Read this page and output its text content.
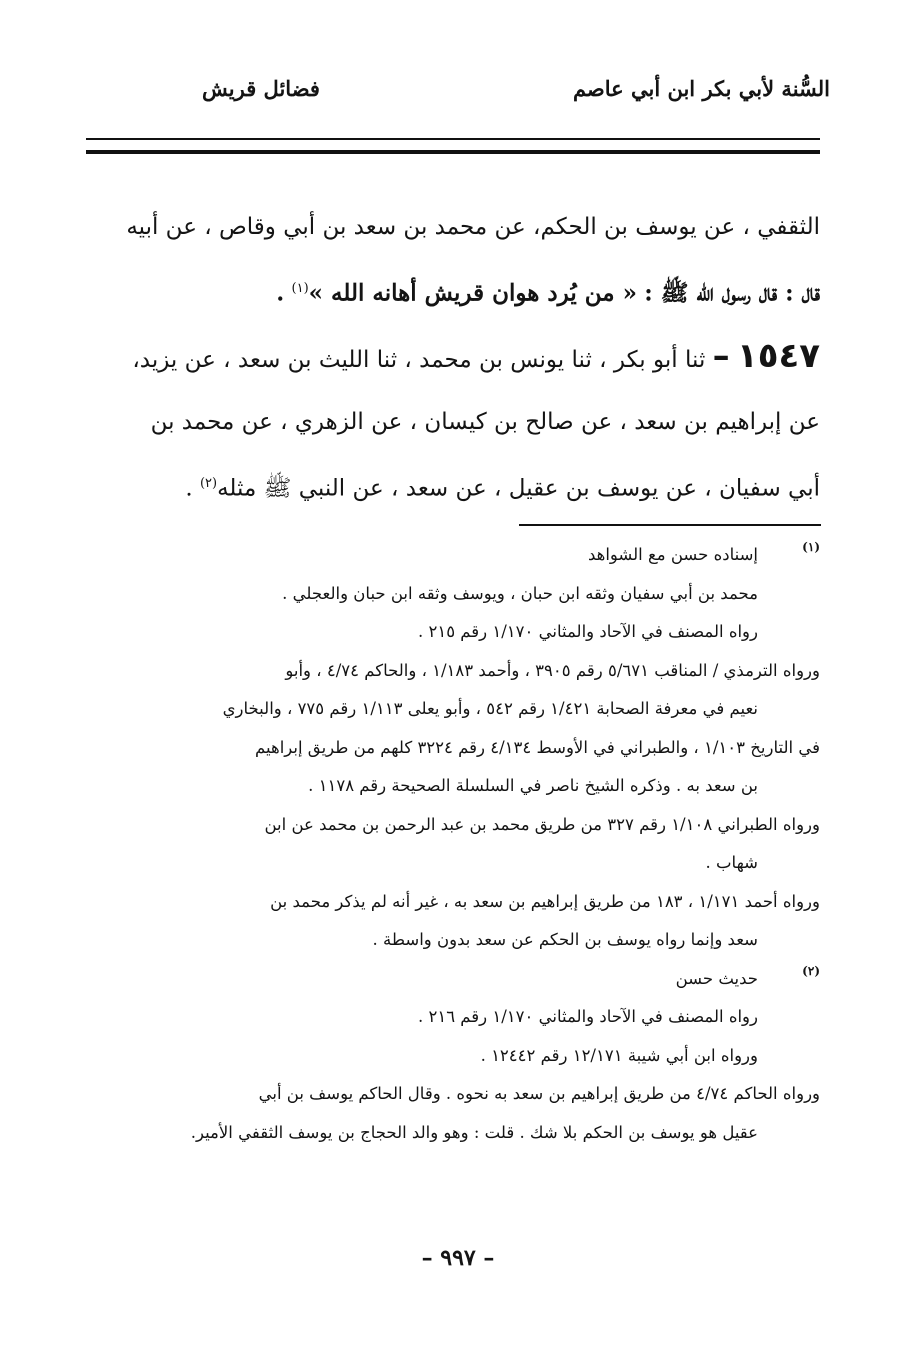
السُّنة لأبي بكر ابن أبي عاصم
فضائل قريش

الثقفي ، عن يوسف بن الحكم، عن محمد بن سعد بن أبي وقاص ، عن أبيه

قال : قال رسول الله ﷺ : « من يُرد هوان قريش أهانه الله »$^{(١)}$ .

١٥٤٧ – ثنا أبو بكر ، ثنا يونس بن محمد ، ثنا الليث بن سعد ، عن يزيد،

عن إبراهيم بن سعد ، عن صالح بن كيسان ، عن الزهري ، عن محمد بن

أبي سفيان ، عن يوسف بن عقيل ، عن سعد ، عن النبي ﷺ مثله$^{(٢)}$ .

(١)

إسناده حسن مع الشواهد

محمد بن أبي سفيان وثقه ابن حبان ، ويوسف وثقه ابن حبان والعجلي .

رواه المصنف في الآحاد والمثاني ١/١٧٠ رقم ٢١٥ .

ورواه الترمذي / المناقب ٥/٦٧١ رقم ٣٩٠٥ ، وأحمد ١/١٨٣ ، والحاكم ٤/٧٤ ، وأبو

نعيم في معرفة الصحابة ١/٤٢١ رقم ٥٤٢ ، وأبو يعلى ١/١١٣ رقم ٧٧٥ ، والبخاري

في التاريخ ١/١٠٣ ، والطبراني في الأوسط ٤/١٣٤ رقم ٣٢٢٤ كلهم من طريق إبراهيم

بن سعد به . وذكره الشيخ ناصر في السلسلة الصحيحة رقم ١١٧٨ .

ورواه الطبراني ١/١٠٨ رقم ٣٢٧ من طريق محمد بن عبد الرحمن بن محمد عن ابن

شهاب .

ورواه أحمد ١/١٧١ ، ١٨٣ من طريق إبراهيم بن سعد به ، غير أنه لم يذكر محمد بن

سعد وإنما رواه يوسف بن الحكم عن سعد بدون واسطة .

(٢)

حديث حسن

رواه المصنف في الآحاد والمثاني ١/١٧٠ رقم ٢١٦ .

ورواه ابن أبي شيبة ١٢/١٧١ رقم ١٢٤٤٢ .

ورواه الحاكم ٤/٧٤ من طريق إبراهيم بن سعد به نحوه . وقال الحاكم يوسف بن أبي

عقيل هو يوسف بن الحكم بلا شك . قلت : وهو والد الحجاج بن يوسف الثقفي الأمير.

– ٩٩٧ –
